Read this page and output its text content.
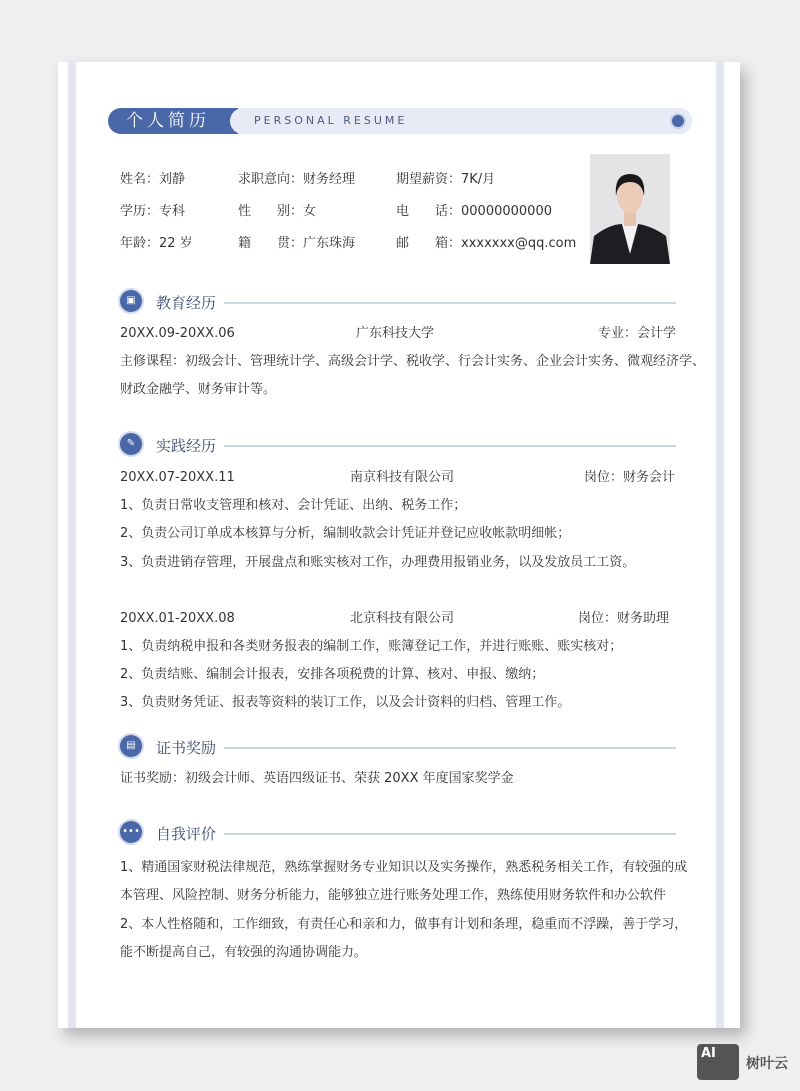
个人简历	PERSONAL RESUME
姓名：刘静	求职意向：财务经理	期望薪资：7K/月
学历：专科	性　　别：女	电　　话：00000000000
年龄：22 岁	籍　　贯：广东珠海	邮　　箱：xxxxxxx@qq.com
▣	教育经历
20XX.09-20XX.06	广东科技大学	专业：会计学
主修课程：初级会计、管理统计学、高级会计学、税收学、行会计实务、企业会计实务、微观经济学、
财政金融学、财务审计等。
✎	实践经历
20XX.07-20XX.11	南京科技有限公司	岗位：财务会计
1、负责日常收支管理和核对、会计凭证、出纳、税务工作；
2、负责公司订单成本核算与分析，编制收款会计凭证并登记应收帐款明细帐；
3、负责进销存管理，开展盘点和账实核对工作，办理费用报销业务，以及发放员工工资。
20XX.01-20XX.08	北京科技有限公司	岗位：财务助理
1、负责纳税申报和各类财务报表的编制工作，账簿登记工作，并进行账账、账实核对；
2、负责结账、编制会计报表，安排各项税费的计算、核对、申报、缴纳；
3、负责财务凭证、报表等资料的装订工作，以及会计资料的归档、管理工作。
▤	证书奖励
证书奖励：初级会计师、英语四级证书、荣获 20XX 年度国家奖学金
••• 自我评价
1、精通国家财税法律规范，熟练掌握财务专业知识以及实务操作，熟悉税务相关工作，有较强的成
本管理、风险控制、财务分析能力，能够独立进行账务处理工作，熟练使用财务软件和办公软件
2、本人性格随和，工作细致，有责任心和亲和力，做事有计划和条理，稳重而不浮躁，善于学习，
能不断提高自己，有较强的沟通协调能力。
AI
树叶云
